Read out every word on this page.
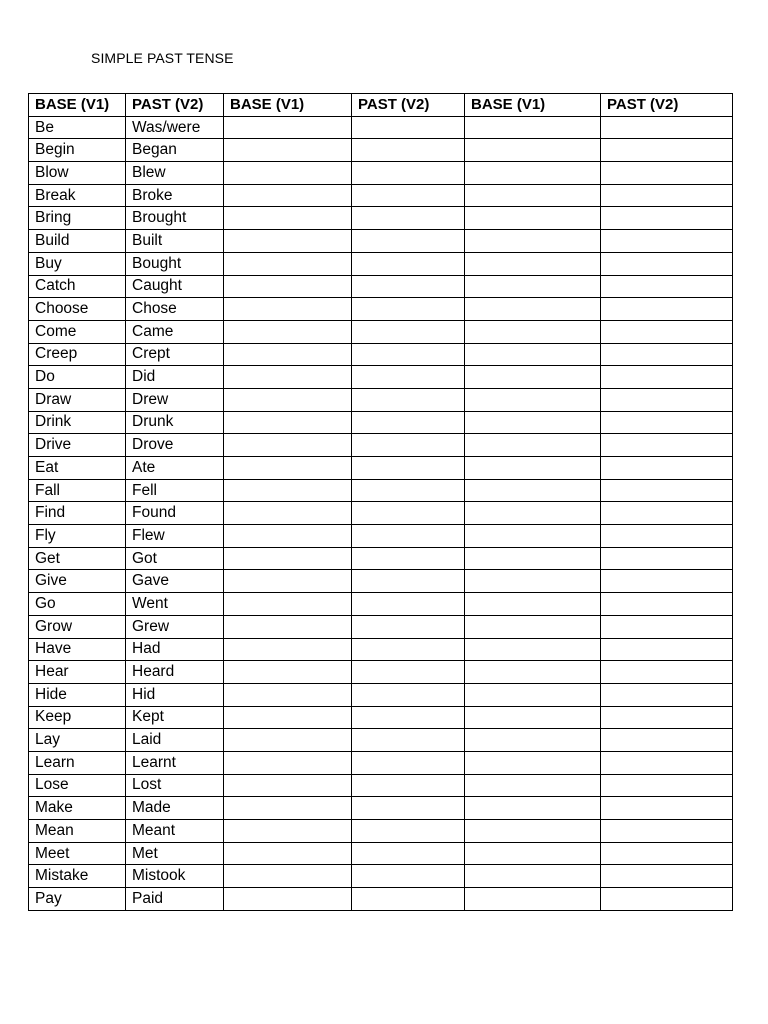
SIMPLE PAST TENSE
BASE (V1)	PAST (V2)	BASE (V1)	PAST (V2)	BASE (V1)	PAST (V2)
Be	Was/were				
Begin	Began				
Blow	Blew				
Break	Broke				
Bring	Brought				
Build	Built				
Buy	Bought				
Catch	Caught				
Choose	Chose				
Come	Came				
Creep	Crept				
Do	Did				
Draw	Drew				
Drink	Drunk				
Drive	Drove				
Eat	Ate				
Fall	Fell				
Find	Found				
Fly	Flew				
Get	Got				
Give	Gave				
Go	Went				
Grow	Grew				
Have	Had				
Hear	Heard				
Hide	Hid				
Keep	Kept				
Lay	Laid				
Learn	Learnt				
Lose	Lost				
Make	Made				
Mean	Meant				
Meet	Met				
Mistake	Mistook				
Pay	Paid				
